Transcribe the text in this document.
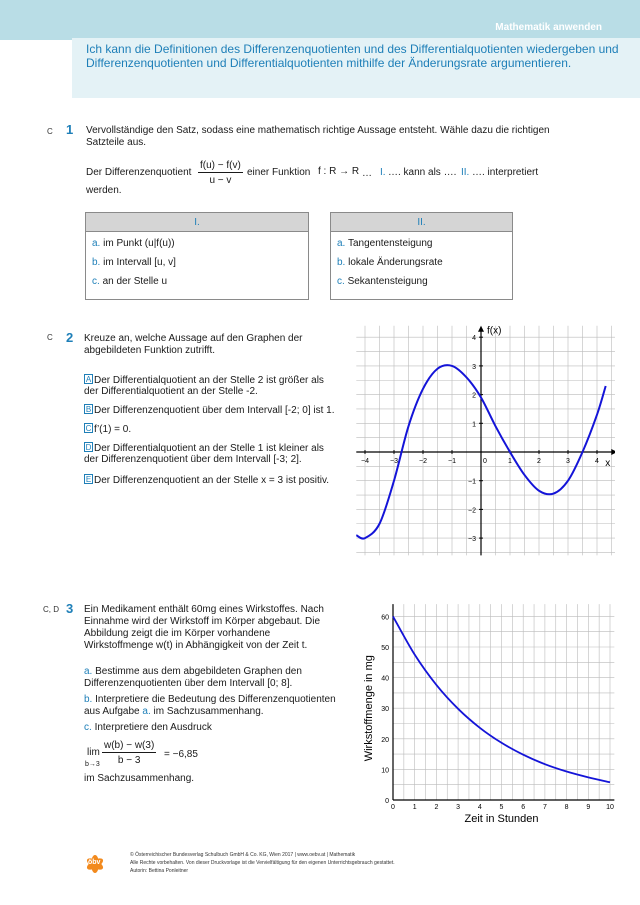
Mathematik anwenden
Ich kann die Definitionen des Differenzenquotienten und des Differentialquotienten wiedergeben und Differenzenquotienten und Differentialquotienten mithilfe der Änderungsrate argumentieren.
C 1 Vervollständige den Satz, sodass eine mathematisch richtige Aussage entsteht. Wähle dazu die richtigen
Satzteile aus.
Der Differenzenquotient $\frac{f(u) - f(v)}{u - v}$ einer Funktion f : R → R … I. …. kann als …. II. …. interpretiert
werden.
I.
a. im Punkt (u|f(u))
b. im Intervall [u, v]
c. an der Stelle u
II.
a. Tangentensteigung
b. lokale Änderungsrate
c. Sekantensteigung
C 2 Kreuze an, welche Aussage auf den Graphen der
abgebildeten Funktion zutrifft.
A Der Differentialquotient an der Stelle 2 ist größer als
der Differentialquotient an der Stelle -2.
B Der Differenzenquotient über dem Intervall [-2; 0] ist 1.
C f’(1) = 0.
D Der Differentialquotient an der Stelle 1 ist kleiner als
der Differenzenquotient über dem Intervall [-3; 2].
E Der Differenzenquotient an der Stelle x = 3 ist positiv.
−4	−3	−2	−1	0	1	2	3	4
4
3
2
1
−1
−2
−3
f(x)
x
C, D 3 Ein Medikament enthält 60mg eines Wirkstoffes. Nach
Einnahme wird der Wirkstoff im Körper abgebaut. Die
Abbildung zeigt die im Körper vorhandene
Wirkstoffmenge w(t) in Abhängigkeit von der Zeit t.
a. Bestimme aus dem abgebildeten Graphen den
Differenzenquotienten über dem Intervall [0; 8].
b. Interpretiere die Bedeutung des Differenzenquotienten
aus Aufgabe a. im Sachzusammenhang.
c. Interpretiere den Ausdruck
lim
$b\to 3 \frac{w(b) - w(3)}{b - 3} = -6,85$
im Sachzusammenhang.
0	1	2	3	4	5	6	7	8	9 10
0
10
20
30
40
50
60
Zeit in Stunden
Wirkstoffmenge in mg
öbv
© Österreichischer Bundesverlag Schulbuch GmbH & Co. KG, Wien 2017 | www.oebv.at | Mathematik
Alle Rechte vorbehalten. Von dieser Druckvorlage ist die Vervielfältigung für den eigenen Unterrichtsgebrauch gestattet.
Autorin: Bettina Ponleitner
